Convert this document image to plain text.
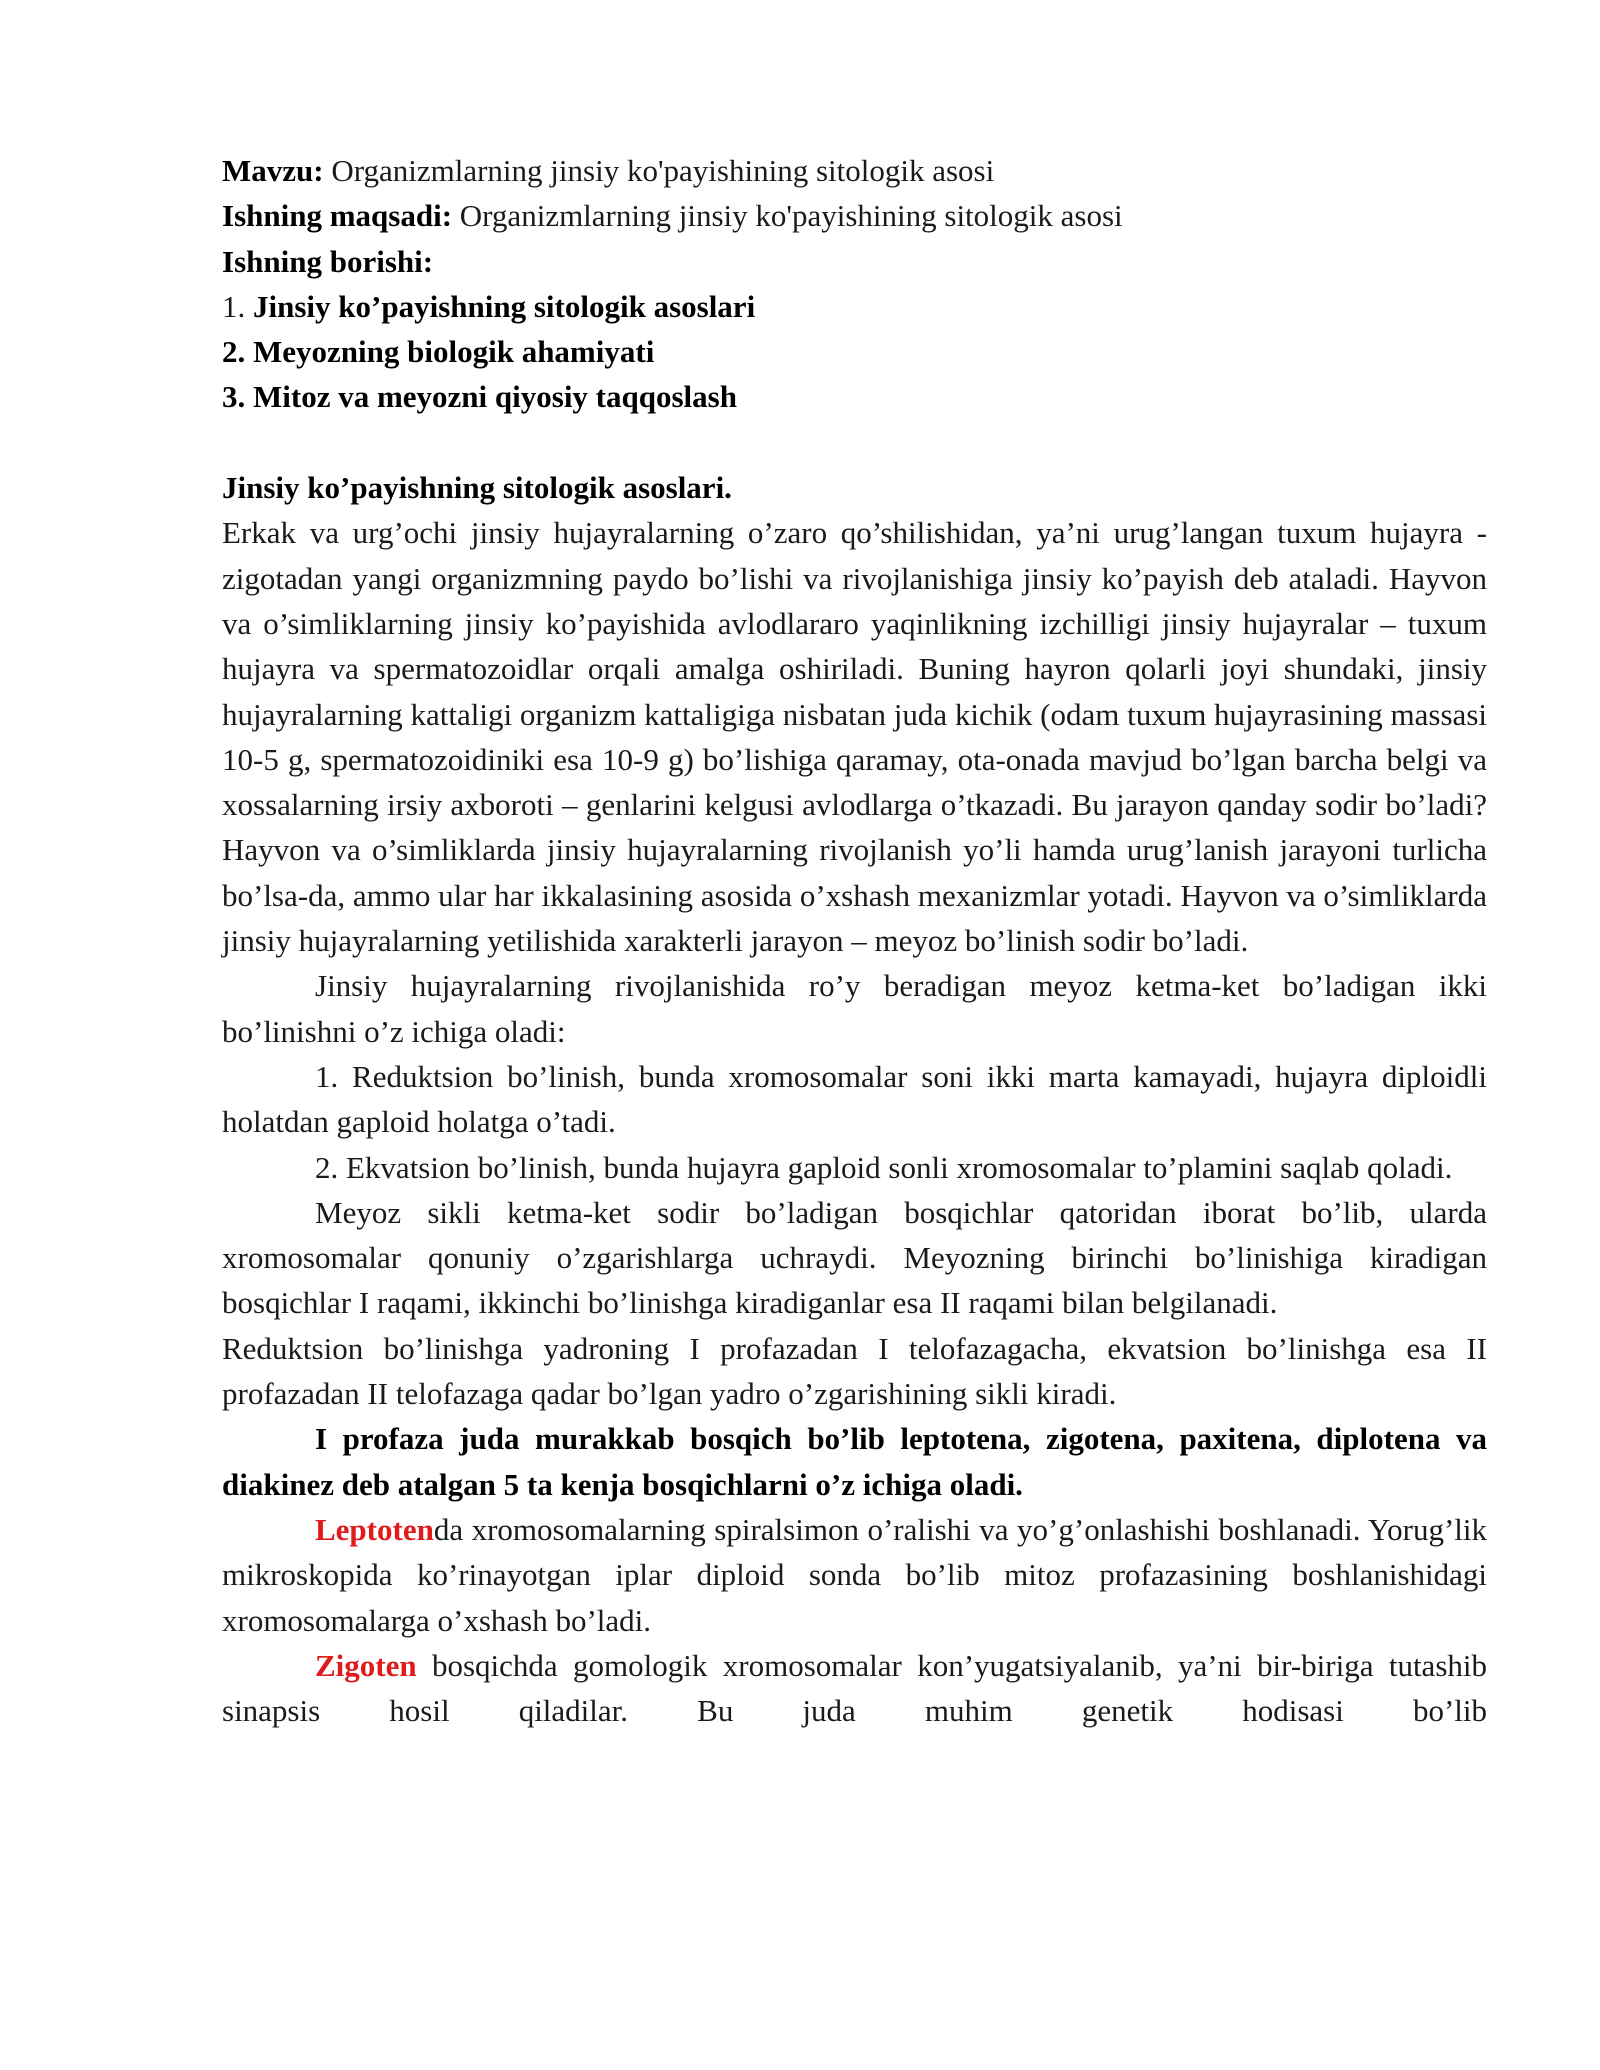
Mavzu: Organizmlarning jinsiy ko'payishining sitologik asosi

Ishning maqsadi: Organizmlarning jinsiy ko'payishining sitologik asosi

Ishning borishi:

1. Jinsiy ko’payishning sitologik asoslari

2. Meyozning biologik ahamiyati

3. Mitoz va meyozni qiyosiy taqqoslash

Jinsiy ko’payishning sitologik asoslari.

Erkak va urg’ochi jinsiy hujayralarning o’zaro qo’shilishidan, ya’ni urug’langan tuxum hujayra - zigotadan yangi organizmning paydo bo’lishi va rivojlanishiga jinsiy ko’payish deb ataladi. Hayvon va o’simliklarning jinsiy ko’payishida avlodlararo yaqinlikning izchilligi jinsiy hujayralar – tuxum hujayra va spermatozoidlar orqali amalga oshiriladi. Buning hayron qolarli joyi shundaki, jinsiy hujayralarning kattaligi organizm kattaligiga nisbatan juda kichik (odam tuxum hujayrasining massasi 10-5 g, spermatozoidiniki esa 10-9 g) bo’lishiga qaramay, ota-onada mavjud bo’lgan barcha belgi va xossalarning irsiy axboroti – genlarini kelgusi avlodlarga o’tkazadi. Bu jarayon qanday sodir bo’ladi? Hayvon va o’simliklarda jinsiy hujayralarning rivojlanish yo’li hamda urug’lanish jarayoni turlicha bo’lsa-da, ammo ular har ikkalasining asosida o’xshash mexanizmlar yotadi. Hayvon va o’simliklarda jinsiy hujayralarning yetilishida xarakterli jarayon – meyoz bo’linish sodir bo’ladi.

Jinsiy hujayralarning rivojlanishida ro’y beradigan meyoz ketma-ket bo’ladigan ikki bo’linishni o’z ichiga oladi:

1. Reduktsion bo’linish, bunda xromosomalar soni ikki marta kamayadi, hujayra diploidli holatdan gaploid holatga o’tadi.

2. Ekvatsion bo’linish, bunda hujayra gaploid sonli xromosomalar to’plamini saqlab qoladi.

Meyoz sikli ketma-ket sodir bo’ladigan bosqichlar qatoridan iborat bo’lib, ularda xromosomalar qonuniy o’zgarishlarga uchraydi. Meyozning birinchi bo’linishiga kiradigan bosqichlar I raqami, ikkinchi bo’linishga kiradiganlar esa II raqami bilan belgilanadi.

Reduktsion bo’linishga yadroning I profazadan I telofazagacha, ekvatsion bo’linishga esa II profazadan II telofazaga qadar bo’lgan yadro o’zgarishining sikli kiradi.

I profaza juda murakkab bosqich bo’lib leptotena, zigotena, paxitena, diplotena va diakinez deb atalgan 5 ta kenja bosqichlarni o’z ichiga oladi.

Leptotenda xromosomalarning spiralsimon o’ralishi va yo’g’onlashishi boshlanadi. Yorug’lik mikroskopida ko’rinayotgan iplar diploid sonda bo’lib mitoz profazasining boshlanishidagi xromosomalarga o’xshash bo’ladi.

Zigoten bosqichda gomologik xromosomalar kon’yugatsiyalanib, ya’ni bir-biriga tutashib sinapsis hosil qiladilar. Bu juda muhim genetik hodisasi bo’lib
